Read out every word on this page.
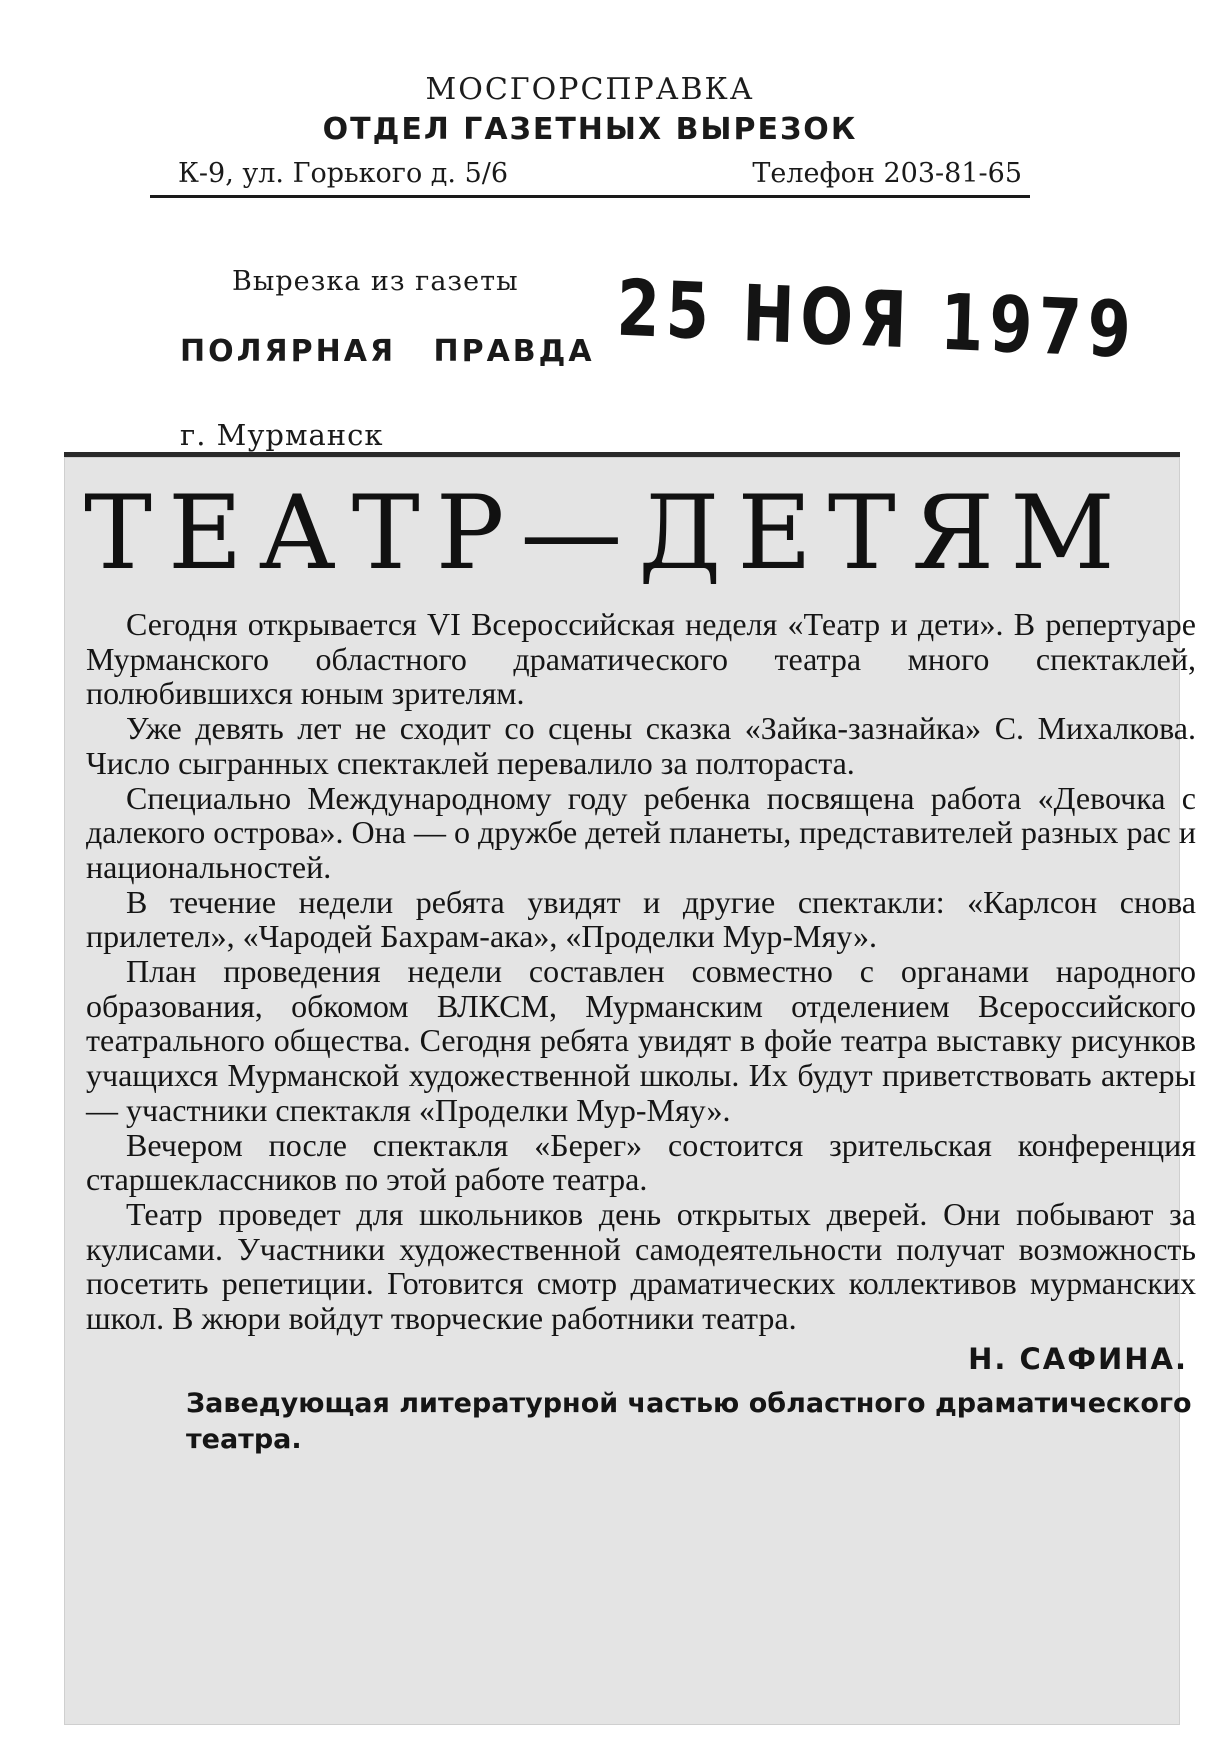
МОСГОРСПРАВКА
ОТДЕЛ ГАЗЕТНЫХ ВЫРЕЗОК
К-9, ул. Горького д. 5/6	Телефон 203-81-65
Вырезка из газеты 25 НОЯ 1979
ПОЛЯРНАЯ ПРАВДА
г. Мурманск
ТЕАТР—ДЕТЯМ

Сегодня открывается VI Всероссийская неделя «Театр и дети». В репертуаре Мурманского областного драматического театра много спектаклей, полюбившихся юным зрителям.

Уже девять лет не сходит со сцены сказка «Зайка-зазнайка» С. Михалкова. Число сыгранных спектаклей перевалило за полтораста.

Специально Международному году ребенка посвящена работа «Девочка с далекого острова». Она — о дружбе детей планеты, представителей разных рас и национальностей.

В течение недели ребята увидят и другие спектакли: «Карлсон снова прилетел», «Чародей Бахрам-ака», «Проделки Мур-Мяу».

План проведения недели составлен совместно с органами народного образования, обкомом ВЛКСМ, Мурманским отделением Всероссийского театрального общества. Сегодня ребята увидят в фойе театра выставку рисунков учащихся Мурманской художественной школы. Их будут приветствовать актеры — участники спектакля «Проделки Мур-Мяу».

Вечером после спектакля «Берег» состоится зрительская конференция старшеклассников по этой работе театра.

Театр проведет для школьников день открытых дверей. Они побывают за кулисами. Участники художественной самодеятельности получат возможность посетить репетиции. Готовится смотр драматических коллективов мурманских школ. В жюри войдут творческие работники театра.

Н. САФИНА.
Заведующая литературной частью областного драматического театра.
